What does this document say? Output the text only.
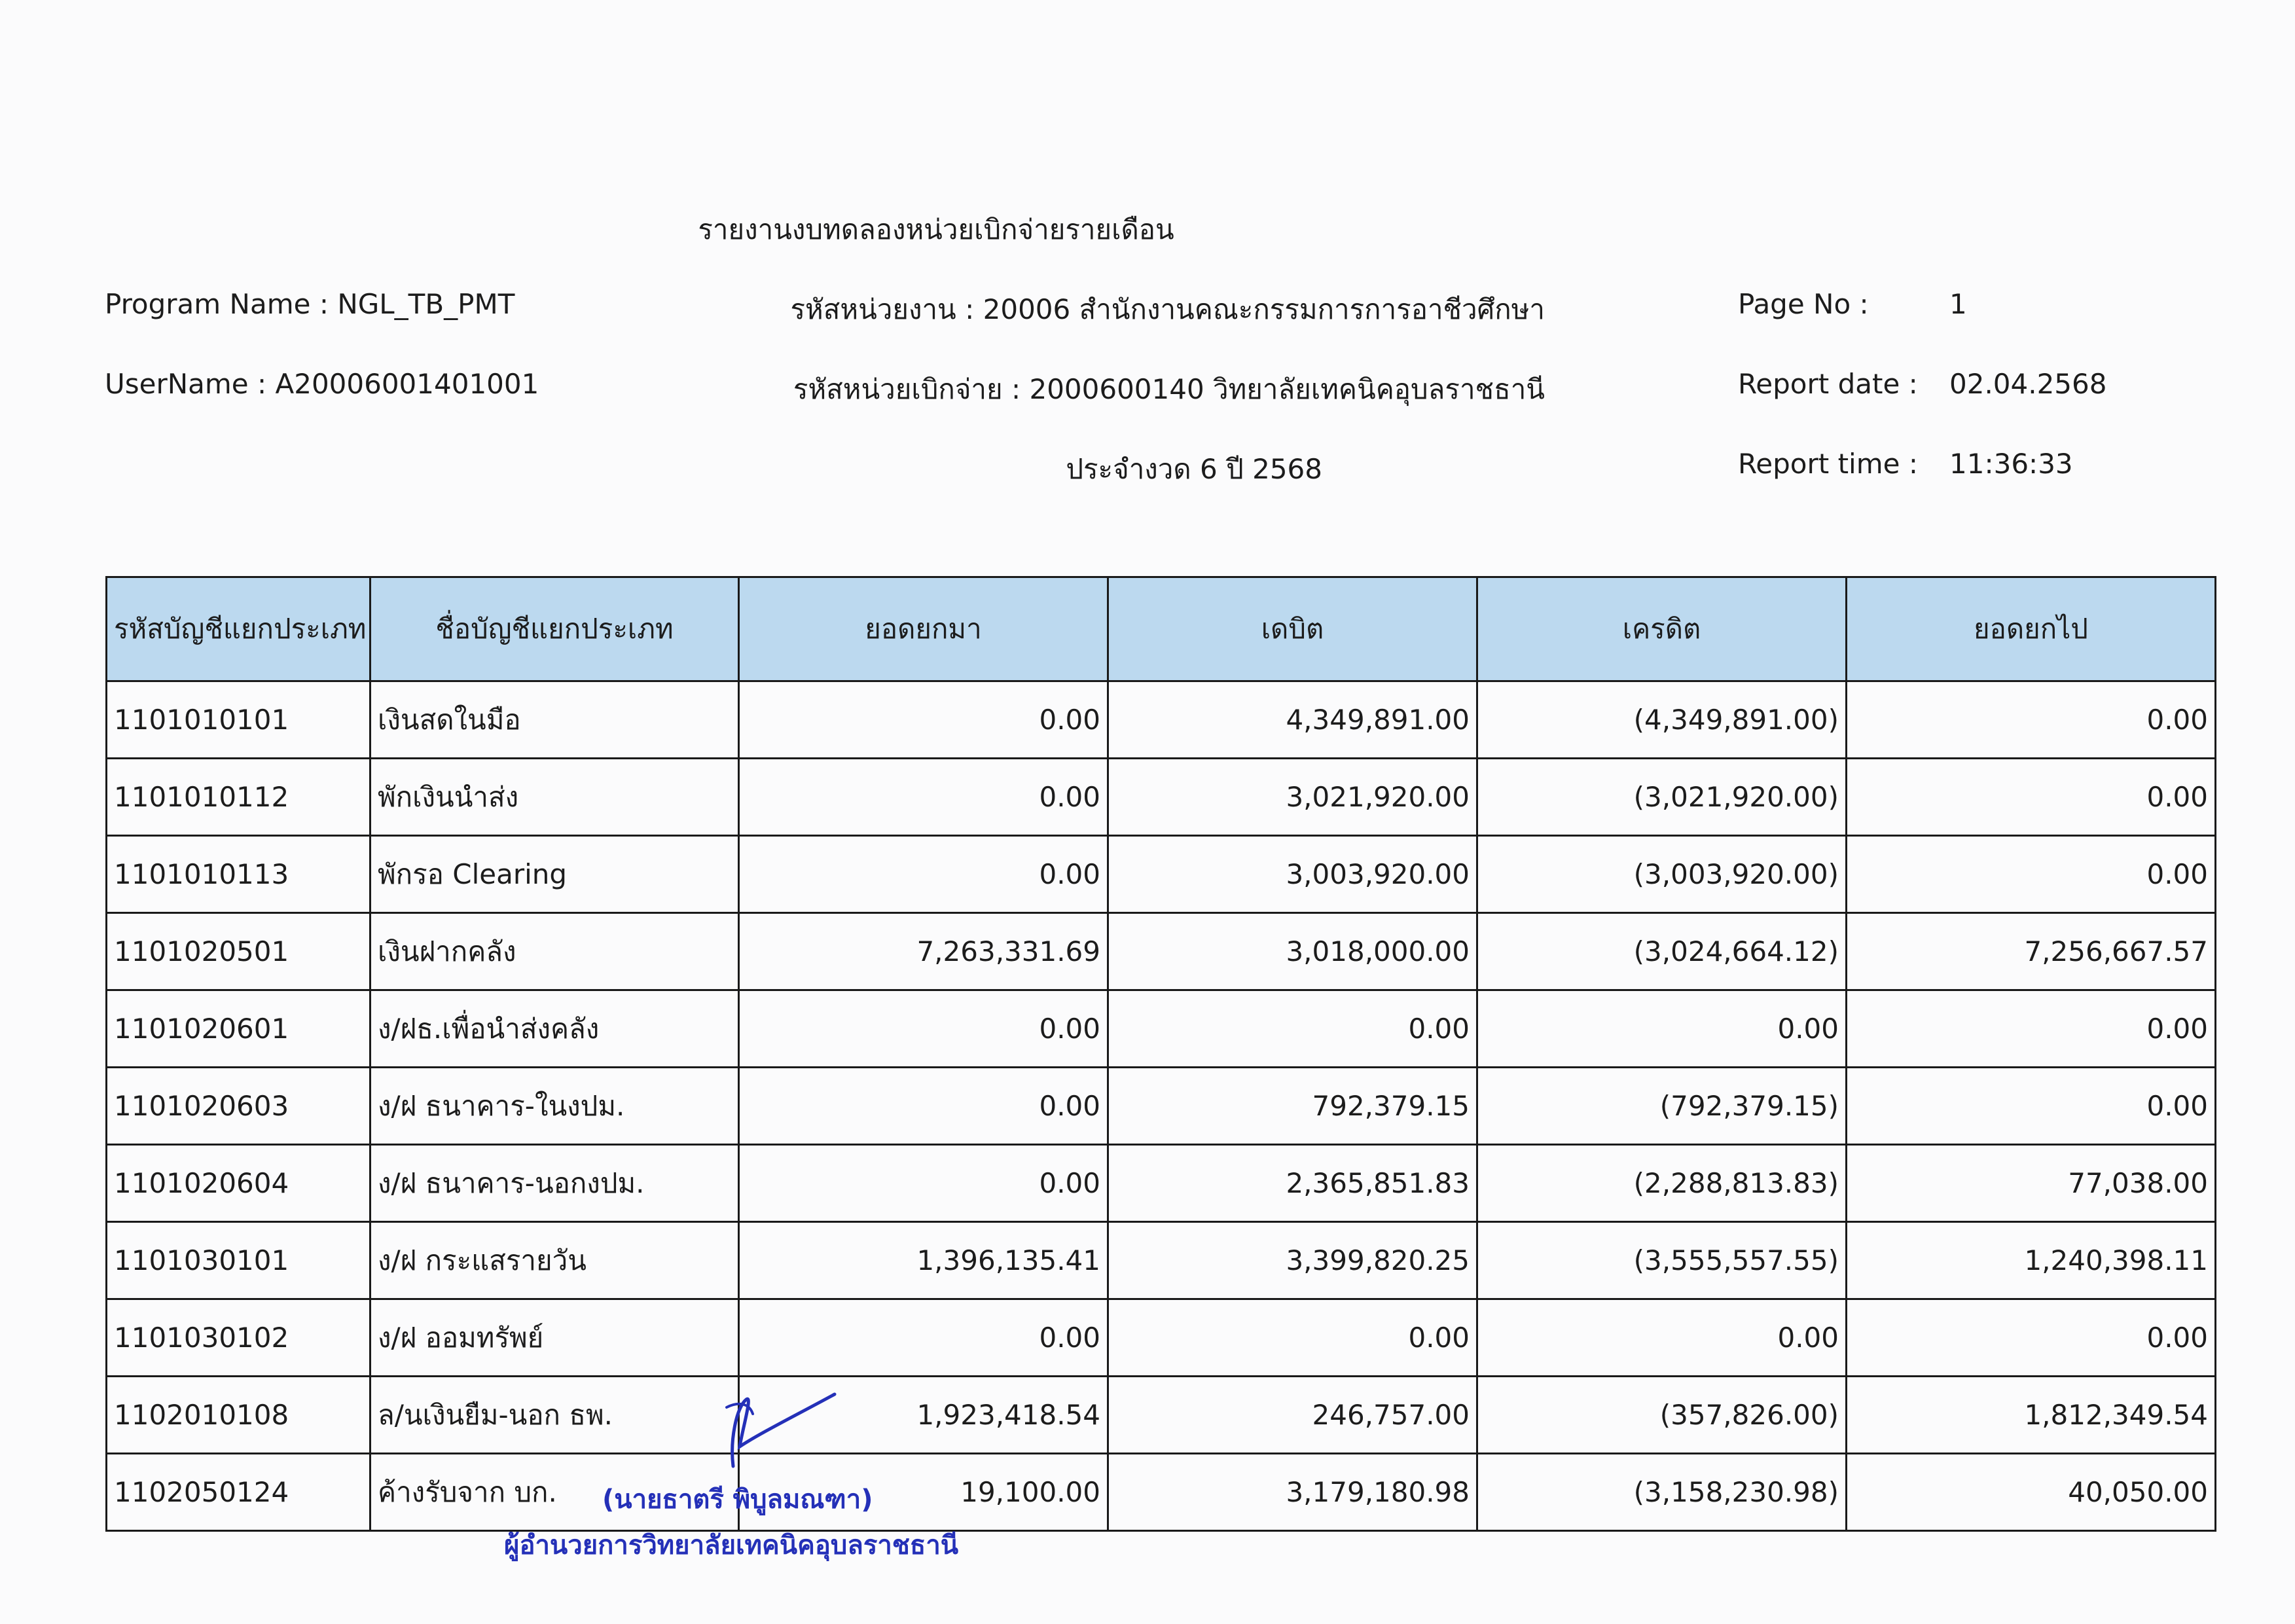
รายงานงบทดลองหน่วยเบิกจ่ายรายเดือน
Program Name : NGL_TB_PMT
UserName : A20006001401001
รหัสหน่วยงาน : 20006 สำนักงานคณะกรรมการการอาชีวศึกษา
รหัสหน่วยเบิกจ่าย : 2000600140 วิทยาลัยเทคนิคอุบลราชธานี
ประจำงวด 6 ปี 2568
Page No :	1
Report date : 02.04.2568
Report time : 11:36:33
รหัสบัญชีแยกประเภท	ชื่อบัญชีแยกประเภท	ยอดยกมา	เดบิต	เครดิต	ยอดยกไป
1101010101	เงินสดในมือ	0.00	4,349,891.00	(4,349,891.00)	0.00
1101010112	พักเงินนำส่ง	0.00	3,021,920.00	(3,021,920.00)	0.00
1101010113	พักรอ Clearing	0.00	3,003,920.00	(3,003,920.00)	0.00
1101020501	เงินฝากคลัง	7,263,331.69	3,018,000.00	(3,024,664.12)	7,256,667.57
1101020601	ง/ฝธ.เพื่อนำส่งคลัง	0.00	0.00	0.00	0.00
1101020603	ง/ฝ ธนาคาร-ในงปม.	0.00	792,379.15	(792,379.15)	0.00
1101020604	ง/ฝ ธนาคาร-นอกงปม.	0.00	2,365,851.83	(2,288,813.83)	77,038.00
1101030101	ง/ฝ กระแสรายวัน	1,396,135.41	3,399,820.25	(3,555,557.55)	1,240,398.11
1101030102	ง/ฝ ออมทรัพย์	0.00	0.00	0.00	0.00
1102010108	ล/นเงินยืม-นอก ธพ.	1,923,418.54	246,757.00	(357,826.00)	1,812,349.54
1102050124	ค้างรับจาก บก.	19,100.00	3,179,180.98	(3,158,230.98)	40,050.00
(นายธาตรี พิบูลมณฑา)
ผู้อำนวยการวิทยาลัยเทคนิคอุบลราชธานี
